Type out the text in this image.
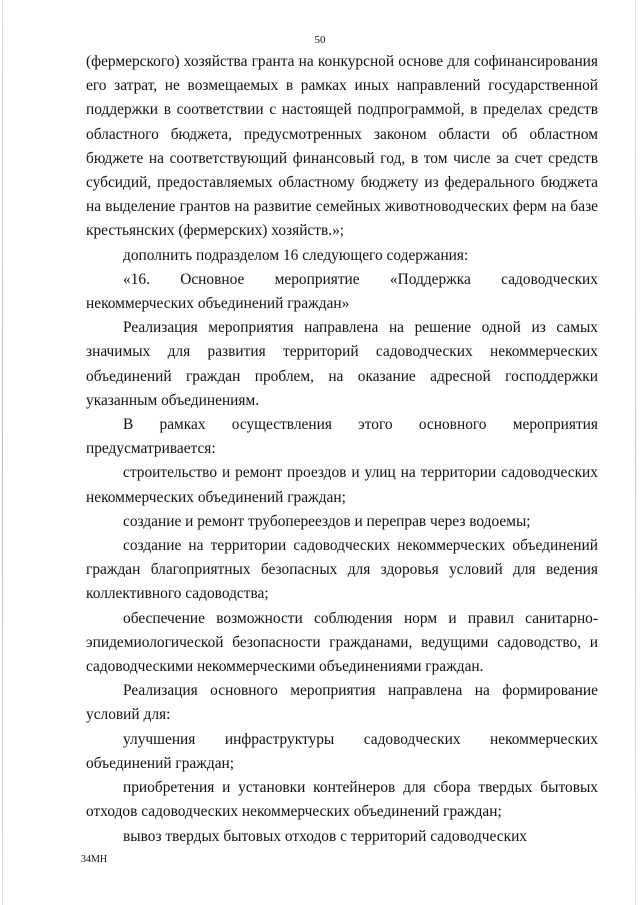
50

(фермерского) хозяйства гранта на конкурсной основе для софинансирования его затрат, не возмещаемых в рамках иных направлений государственной поддержки в соответствии с настоящей подпрограммой, в пределах средств областного бюджета, предусмотренных законом области об областном бюджете на соответствующий финансовый год, в том числе за счет средств субсидий, предоставляемых областному бюджету из федерального бюджета на выделение грантов на развитие семейных животноводческих ферм на базе крестьянских (фермерских) хозяйств.»;

дополнить подразделом 16 следующего содержания:

«16. Основное мероприятие «Поддержка садоводческих некоммерческих объединений граждан»

Реализация мероприятия направлена на решение одной из самых значимых для развития территорий садоводческих некоммерческих объединений граждан проблем, на оказание адресной господдержки указанным объединениям.

В рамках осуществления этого основного мероприятия предусматривается:

строительство и ремонт проездов и улиц на территории садоводческих некоммерческих объединений граждан;

создание и ремонт трубопереездов и переправ через водоемы;

создание на территории садоводческих некоммерческих объединений граждан благоприятных безопасных для здоровья условий для ведения коллективного садоводства;

обеспечение возможности соблюдения норм и правил санитарно-эпидемиологической безопасности гражданами, ведущими садоводство, и садоводческими некоммерческими объединениями граждан.

Реализация основного мероприятия направлена на формирование условий для:

улучшения инфраструктуры садоводческих некоммерческих объединений граждан;

приобретения и установки контейнеров для сбора твердых бытовых отходов садоводческих некоммерческих объединений граждан;

вывоз твердых бытовых отходов с территорий садоводческих

34МН
